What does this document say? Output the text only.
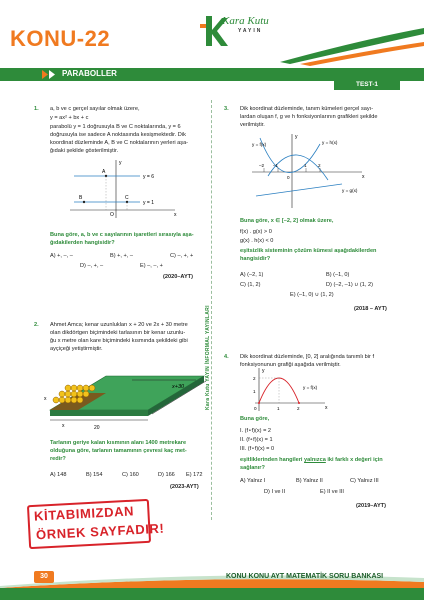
KONU-22
Kara Kutu
YAYIN
PARABOLLER
TEST-1
Kara Kutu YAYIN İNFORMAL YAYINLARI
1. a, b ve c gerçel sayılar olmak üzere,
y = ax² + bx + c
parabolü y = 1 doğrusuyla B ve C noktalarında, y = 6
doğrusuyla ise sadece A noktasında kesişmektedir. Dik
koordinat düzleminde A, B ve C noktalarının yerleri aşa-
ğıdaki şekilde gösterilmiştir.
y
x
A
B	C
O
y = 6
y = 1
Buna göre, a, b ve c sayılarının işaretleri sırasıyla aşa-
ğıdakilerden hangisidir?
A) +, –, –	B) +, +, –	C) –, +, +
D) –, +, –	E) –, –, +
(2020–AYT)
2. Ahmet Amca; kenar uzunlukları x + 20 ve 2x + 30 metre
olan dikdörtgen biçimindeki tarlasının bir kenar uzunlu-
ğu x metre olan kare biçimindeki kısmında şekildeki gibi
ayçiçeği yetiştirmiştir.
x
x	20
x+30
Tarlanın geriye kalan kısmının alanı 1400 metrekare
olduğuna göre, tarlanın tamamının çevresi kaç met-
redir?
A) 148	B) 154	C) 160	D) 166 E) 172
(2023-AYT)
3. Dik koordinat düzleminde, tanım kümeleri gerçel sayı-
lardan oluşan f, g ve h fonksiyonlarının grafikleri şekilde
verilmiştir.
y
x
y = f(x)	y = h(x)
y = g(x)
–2 –1
0
1 2
Buna göre, x ∈ [–2, 2] olmak üzere,
f(x) . g(x) > 0
g(x) . h(x) < 0
eşitsizlik sisteminin çözüm kümesi aşağıdakilerden
hangisidir?
A) (–2, 1)	B) (–1, 0)
C) (1, 2)	D) (–2, –1) ∪ (1, 2)
E) (–1, 0) ∪ (1, 2)
(2018 – AYT)
4. Dik koordinat düzleminde, [0, 2] aralığında tanımlı bir f
fonksiyonunun grafiği aşağıda verilmiştir.
y
x
y = f(x)
2
1
0	1	2
Buna göre,
I. (f∘f)(x) = 2
II. (f∘f)(x) = 1
III. (f∘f)(x) = 0
eşitliklerinden hangileri yalnızca iki farklı x değeri için
sağlanır?
A) Yalnız I	B) Yalnız II	C) Yalnız III
D) I ve II	E) II ve III
(2019–AYT)
KİTABIMIZDAN
ÖRNEK SAYFADIR!
30	KONU KONU AYT MATEMATİK SORU BANKASI
